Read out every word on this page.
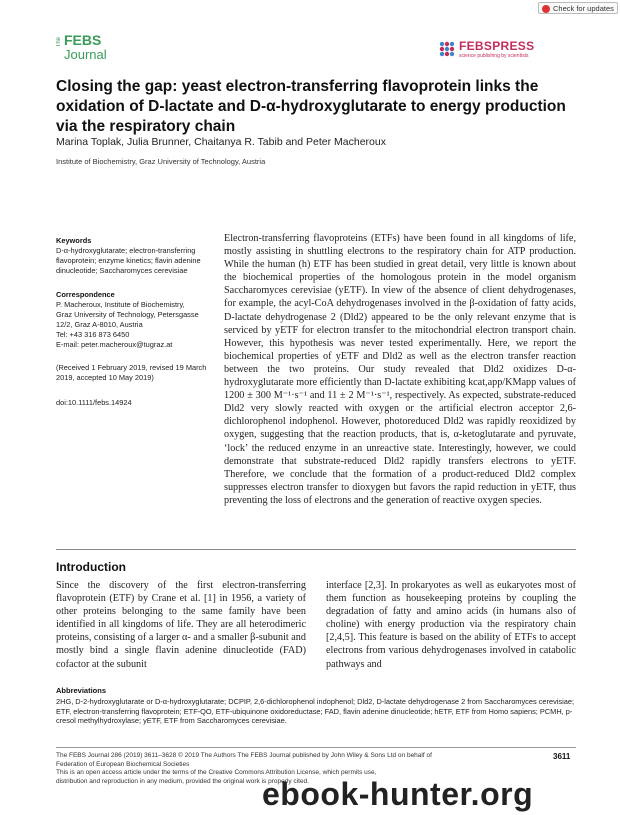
Check for updates
The FEBS
Journal
FEBSPRESS
science publishing by scientists
Closing the gap: yeast electron-transferring flavoprotein links the oxidation of D-lactate and D-α-hydroxyglutarate to energy production via the respiratory chain
Marina Toplak, Julia Brunner, Chaitanya R. Tabib and Peter Macheroux
Institute of Biochemistry, Graz University of Technology, Austria
Keywords
D-α-hydroxyglutarate; electron-transferring flavoprotein; enzyme kinetics; flavin adenine dinucleotide; Saccharomyces cerevisiae
Correspondence
P. Macheroux, Institute of Biochemistry,
Graz University of Technology, Petersgasse
12/2, Graz A-8010, Austria
Tel: +43 316 873 6450
E-mail: peter.macheroux@tugraz.at
(Received 1 February 2019, revised 19 March 2019, accepted 10 May 2019)
doi:10.1111/febs.14924
Electron-transferring flavoproteins (ETFs) have been found in all kingdoms of life, mostly assisting in shuttling electrons to the respiratory chain for ATP production. While the human (h) ETF has been studied in great detail, very little is known about the biochemical properties of the homologous protein in the model organism Saccharomyces cerevisiae (yETF). In view of the absence of client dehydrogenases, for example, the acyl-CoA dehydrogenases involved in the β-oxidation of fatty acids, D-lactate dehydrogenase 2 (Dld2) appeared to be the only relevant enzyme that is serviced by yETF for electron transfer to the mitochondrial electron transport chain. However, this hypothesis was never tested experimentally. Here, we report the biochemical properties of yETF and Dld2 as well as the electron transfer reaction between the two proteins. Our study revealed that Dld2 oxidizes D-α-hydroxyglutarate more efficiently than D-lactate exhibiting kcat,app/KMapp values of 1200 ± 300 M⁻¹·s⁻¹ and 11 ± 2 M⁻¹·s⁻¹, respectively. As expected, substrate-reduced Dld2 very slowly reacted with oxygen or the artificial electron acceptor 2,6-dichlorophenol indophenol. However, photoreduced Dld2 was rapidly reoxidized by oxygen, suggesting that the reaction products, that is, α-ketoglutarate and pyruvate, ‘lock’ the reduced enzyme in an unreactive state. Interestingly, however, we could demonstrate that substrate-reduced Dld2 rapidly transfers electrons to yETF. Therefore, we conclude that the formation of a product-reduced Dld2 complex suppresses electron transfer to dioxygen but favors the rapid reduction in yETF, thus preventing the loss of electrons and the generation of reactive oxygen species.
Introduction
Since the discovery of the first electron-transferring flavoprotein (ETF) by Crane et al. [1] in 1956, a variety of other proteins belonging to the same family have been identified in all kingdoms of life. They are all heterodimeric proteins, consisting of a larger α- and a smaller β-subunit and mostly bind a single flavin adenine dinucleotide (FAD) cofactor at the subunit
interface [2,3]. In prokaryotes as well as eukaryotes most of them function as housekeeping proteins by coupling the degradation of fatty and amino acids (in humans also of choline) with energy production via the respiratory chain [2,4,5]. This feature is based on the ability of ETFs to accept electrons from various dehydrogenases involved in catabolic pathways and
Abbreviations
2HG, D-2-hydroxyglutarate or D-α-hydroxyglutarate; DCPIP, 2,6-dichlorophenol indophenol; Dld2, D-lactate dehydrogenase 2 from Saccharomyces cerevisiae; ETF, electron-transferring flavoprotein; ETF-QO, ETF-ubiquinone oxidoreductase; FAD, flavin adenine dinucleotide; hETF, ETF from Homo sapiens; PCMH, p-cresol methylhydroxylase; yETF, ETF from Saccharomyces cerevisiae.
The FEBS Journal 286 (2019) 3611–3628 © 2019 The Authors The FEBS Journal published by John Wiley & Sons Ltd on behalf of
Federation of European Biochemical Societies
This is an open access article under the terms of the Creative Commons Attribution License, which permits use,
distribution and reproduction in any medium, provided the original work is properly cited.
3611
ebook-hunter.org
